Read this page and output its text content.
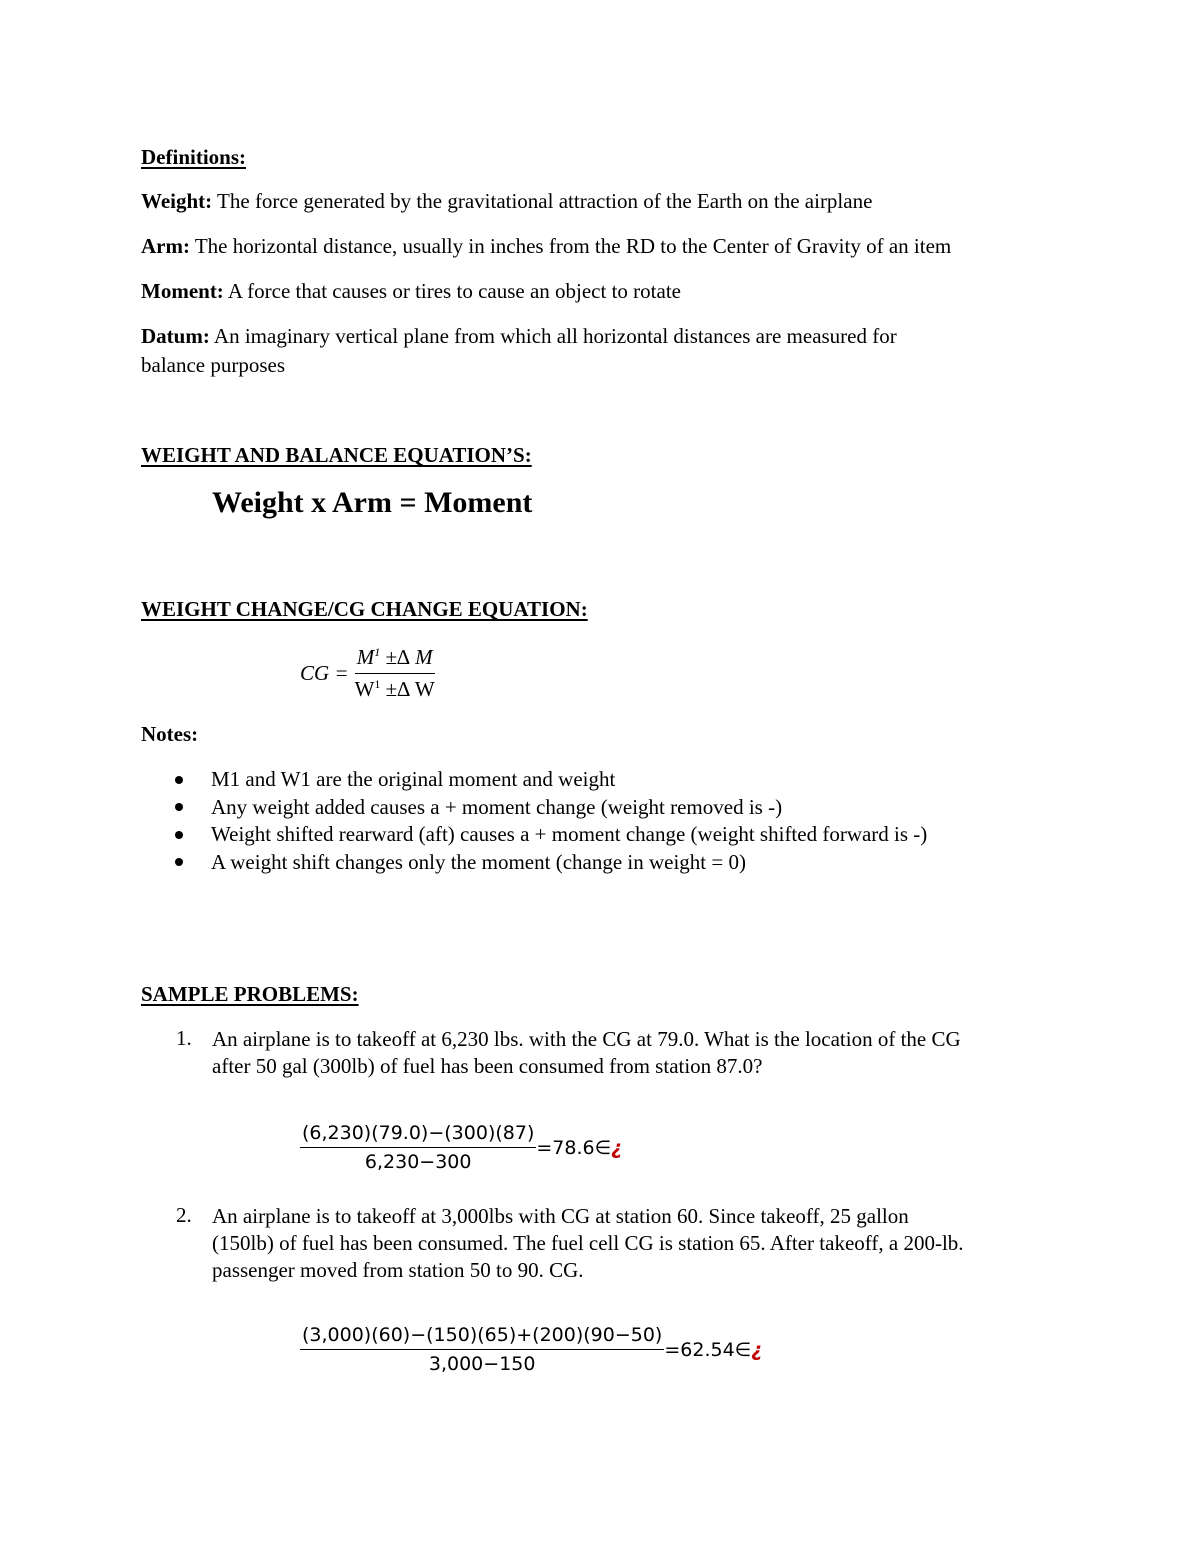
Definitions:
Weight: The force generated by the gravitational attraction of the Earth on the airplane
Arm: The horizontal distance, usually in inches from the RD to the Center of Gravity of an item
Moment: A force that causes or tires to cause an object to rotate
Datum: An imaginary vertical plane from which all horizontal distances are measured for
balance purposes
WEIGHT AND BALANCE EQUATION’S:
Weight x Arm = Moment
WEIGHT CHANGE/CG CHANGE EQUATION:
CG = $\frac{M^1 \pm\Delta M}{W^1 \pm\Delta W}$
Notes:
M1 and W1 are the original moment and weight
Any weight added causes a + moment change (weight removed is -)
Weight shifted rearward (aft) causes a + moment change (weight shifted forward is -)
A weight shift changes only the moment (change in weight = 0)
SAMPLE PROBLEMS:
1. An airplane is to takeoff at 6,230 lbs. with the CG at 79.0. What is the location of the CG
after 50 gal (300lb) of fuel has been consumed from station 87.0?
$\frac{(6,230)(79.0)-(300)(87)}{6,230-300}$ =78.6∈ ¿
2. An airplane is to takeoff at 3,000lbs with CG at station 60. Since takeoff, 25 gallon
(150lb) of fuel has been consumed. The fuel cell CG is station 65. After takeoff, a 200-lb.
passenger moved from station 50 to 90. CG.
$\frac{(3,000)(60)-(150)(65)+(200)(90-50)}{3,000-150}$ =62.54∈ ¿
